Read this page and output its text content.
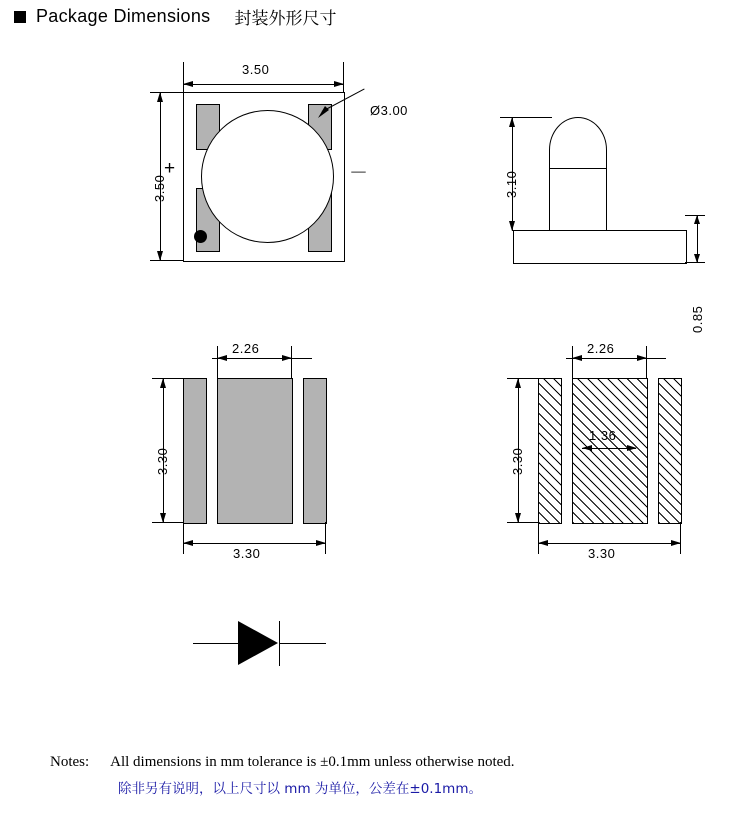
Package Dimensions 封装外形尺寸
+	－
3.50
3.50
Ø3.00
3.10
0.85
2.26
3.30
3.30
2.26
3.30
1.36
3.30
Notes: All dimensions in mm tolerance is ±0.1mm unless otherwise noted.
除非另有说明，以上尺寸以 mm 为单位，公差在±0.1mm。
